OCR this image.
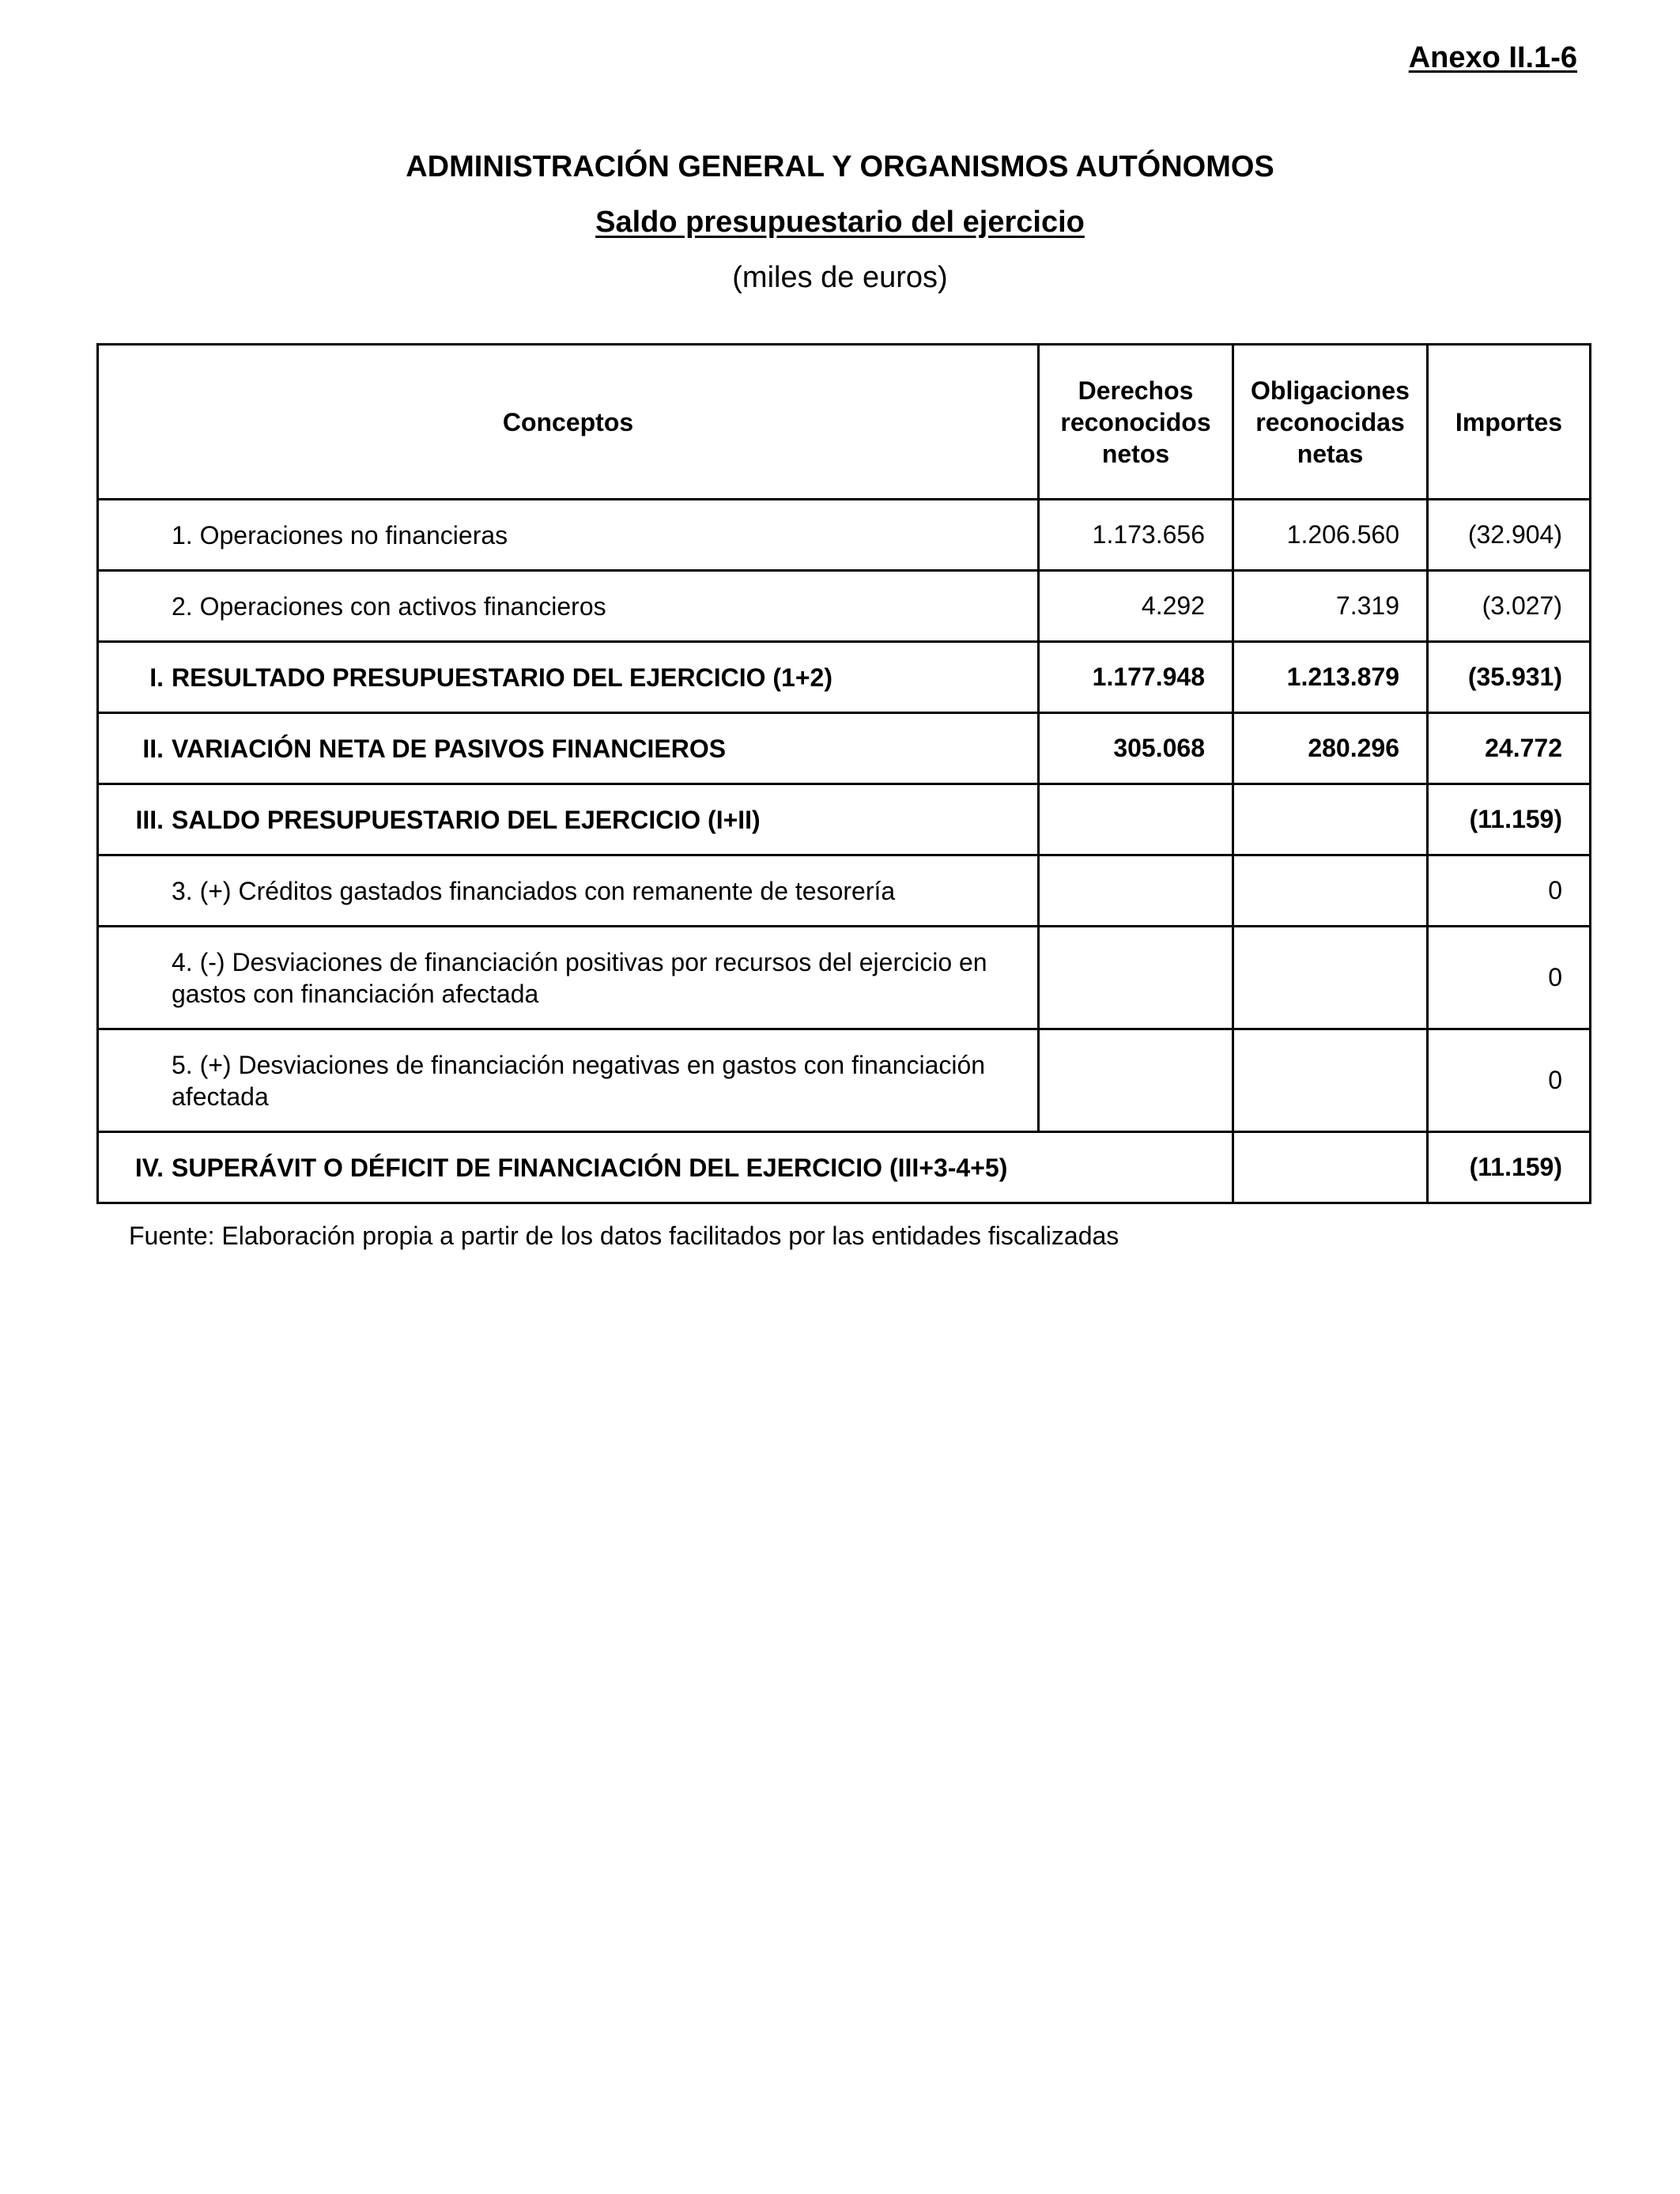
Anexo II.1-6
ADMINISTRACIÓN GENERAL Y ORGANISMOS AUTÓNOMOS
Saldo presupuestario del ejercicio
(miles de euros)
Conceptos	Derechos reconocidos netos	Obligaciones reconocidas netas	Importes

1. Operaciones no financieras	1.173.656	1.206.560	(32.904)

2. Operaciones con activos financieros	4.292	7.319	(3.027)

I. RESULTADO PRESUPUESTARIO DEL EJERCICIO (1+2)	1.177.948	1.213.879	(35.931)

II. VARIACIÓN NETA DE PASIVOS FINANCIEROS	305.068	280.296	24.772

III. SALDO PRESUPUESTARIO DEL EJERCICIO (I+II)			(11.159)

3. (+) Créditos gastados financiados con remanente de tesorería			0

4. (-) Desviaciones de financiación positivas por recursos del ejercicio en gastos con financiación afectada			0

5. (+) Desviaciones de financiación negativas en gastos con financiación afectada			0

IV. SUPERÁVIT O DÉFICIT DE FINANCIACIÓN DEL EJERCICIO (III+3-4+5)			(11.159)
Fuente: Elaboración propia a partir de los datos facilitados por las entidades fiscalizadas
